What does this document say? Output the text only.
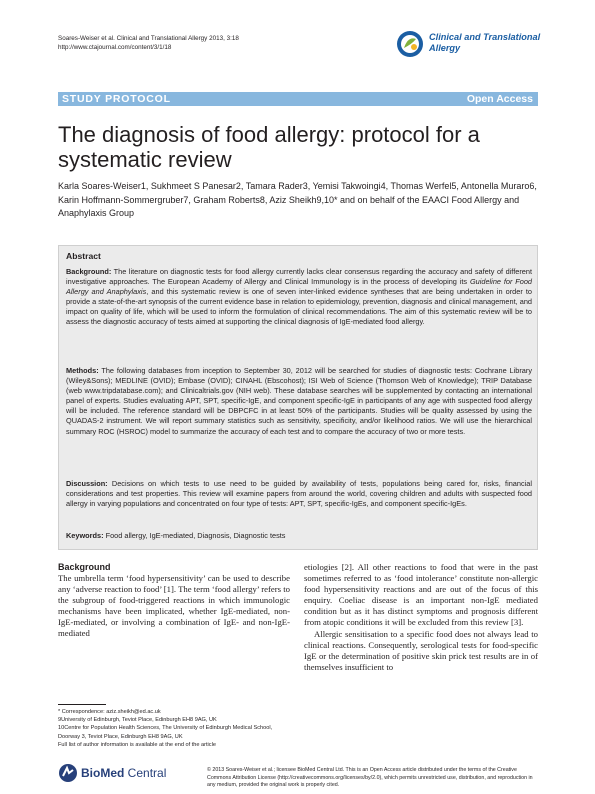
Soares-Weiser et al. Clinical and Translational Allergy 2013, 3:18
http://www.ctajournal.com/content/3/1/18
Clinical and Translational
Allergy
STUDY PROTOCOL	Open Access
The diagnosis of food allergy: protocol for a systematic review
Karla Soares-Weiser1, Sukhmeet S Panesar2, Tamara Rader3, Yemisi Takwoingi4, Thomas Werfel5, Antonella Muraro6, Karin Hoffmann-Sommergruber7, Graham Roberts8, Aziz Sheikh9,10* and on behalf of the EAACI Food Allergy and Anaphylaxis Group
Abstract
Background: The literature on diagnostic tests for food allergy currently lacks clear consensus regarding the accuracy and safety of different investigative approaches. The European Academy of Allergy and Clinical Immunology is in the process of developing its Guideline for Food Allergy and Anaphylaxis, and this systematic review is one of seven inter-linked evidence syntheses that are being undertaken in order to provide a state-of-the-art synopsis of the current evidence base in relation to epidemiology, prevention, diagnosis and clinical management, and impact on quality of life, which will be used to inform the formulation of clinical recommendations. The aim of this systematic review will be to assess the diagnostic accuracy of tests aimed at supporting the clinical diagnosis of IgE-mediated food allergy.
Methods: The following databases from inception to September 30, 2012 will be searched for studies of diagnostic tests: Cochrane Library (Wiley&Sons); MEDLINE (OVID); Embase (OVID); CINAHL (Ebscohost); ISI Web of Science (Thomson Web of Knowledge); TRIP Database (web www.tripdatabase.com); and Clinicaltrials.gov (NIH web). These database searches will be supplemented by contacting an international panel of experts. Studies evaluating APT, SPT, specific-IgE, and component specific-IgE in participants of any age with suspected food allergy will be included. The reference standard will be DBPCFC in at least 50% of the participants. Studies will be quality assessed by using the QUADAS-2 instrument. We will report summary statistics such as sensitivity, specificity, and/or likelihood ratios. We will use the hierarchical summary ROC (HSROC) model to summarize the accuracy of each test and to compare the accuracy of two or more tests.
Discussion: Decisions on which tests to use need to be guided by availability of tests, populations being cared for, risks, financial considerations and test properties. This review will examine papers from around the world, covering children and adults with suspected food allergy in varying populations and concentrated on four type of tests: APT, SPT, specific-IgEs, and component specific-IgEs.
Keywords: Food allergy, IgE-mediated, Diagnosis, Diagnostic tests
Background

The umbrella term ‘food hypersensitivity’ can be used to describe any ‘adverse reaction to food’ [1]. The term ‘food allergy’ refers to the subgroup of food-triggered reactions in which immunologic mechanisms have been implicated, whether IgE-mediated, non-IgE-mediated, or involving a combination of IgE- and non-IgE-mediated

etiologies [2]. All other reactions to food that were in the past sometimes referred to as ‘food intolerance’ constitute non-allergic food hypersensitivity reactions and are out of the focus of this enquiry. Coeliac disease is an important non-IgE mediated condition but as it has distinct symptoms and prognosis different from atopic conditions it will be excluded from this review [3].

Allergic sensitisation to a specific food does not always lead to clinical reactions. Consequently, serological tests for food-specific IgE or the determination of positive skin prick test results are in of themselves insufficient to

* Correspondence: aziz.sheikh@ed.ac.uk
9University of Edinburgh, Teviot Place, Edinburgh EH8 9AG, UK
10Centre for Population Health Sciences, The University of Edinburgh Medical School, Doorway 3, Teviot Place, Edinburgh EH8 9AG, UK
Full list of author information is available at the end of the article
BioMed Central	© 2013 Soares-Weiser et al.; licensee BioMed Central Ltd. This is an Open Access article distributed under the terms of the Creative Commons Attribution License (http://creativecommons.org/licenses/by/2.0), which permits unrestricted use, distribution, and reproduction in any medium, provided the original work is properly cited.
